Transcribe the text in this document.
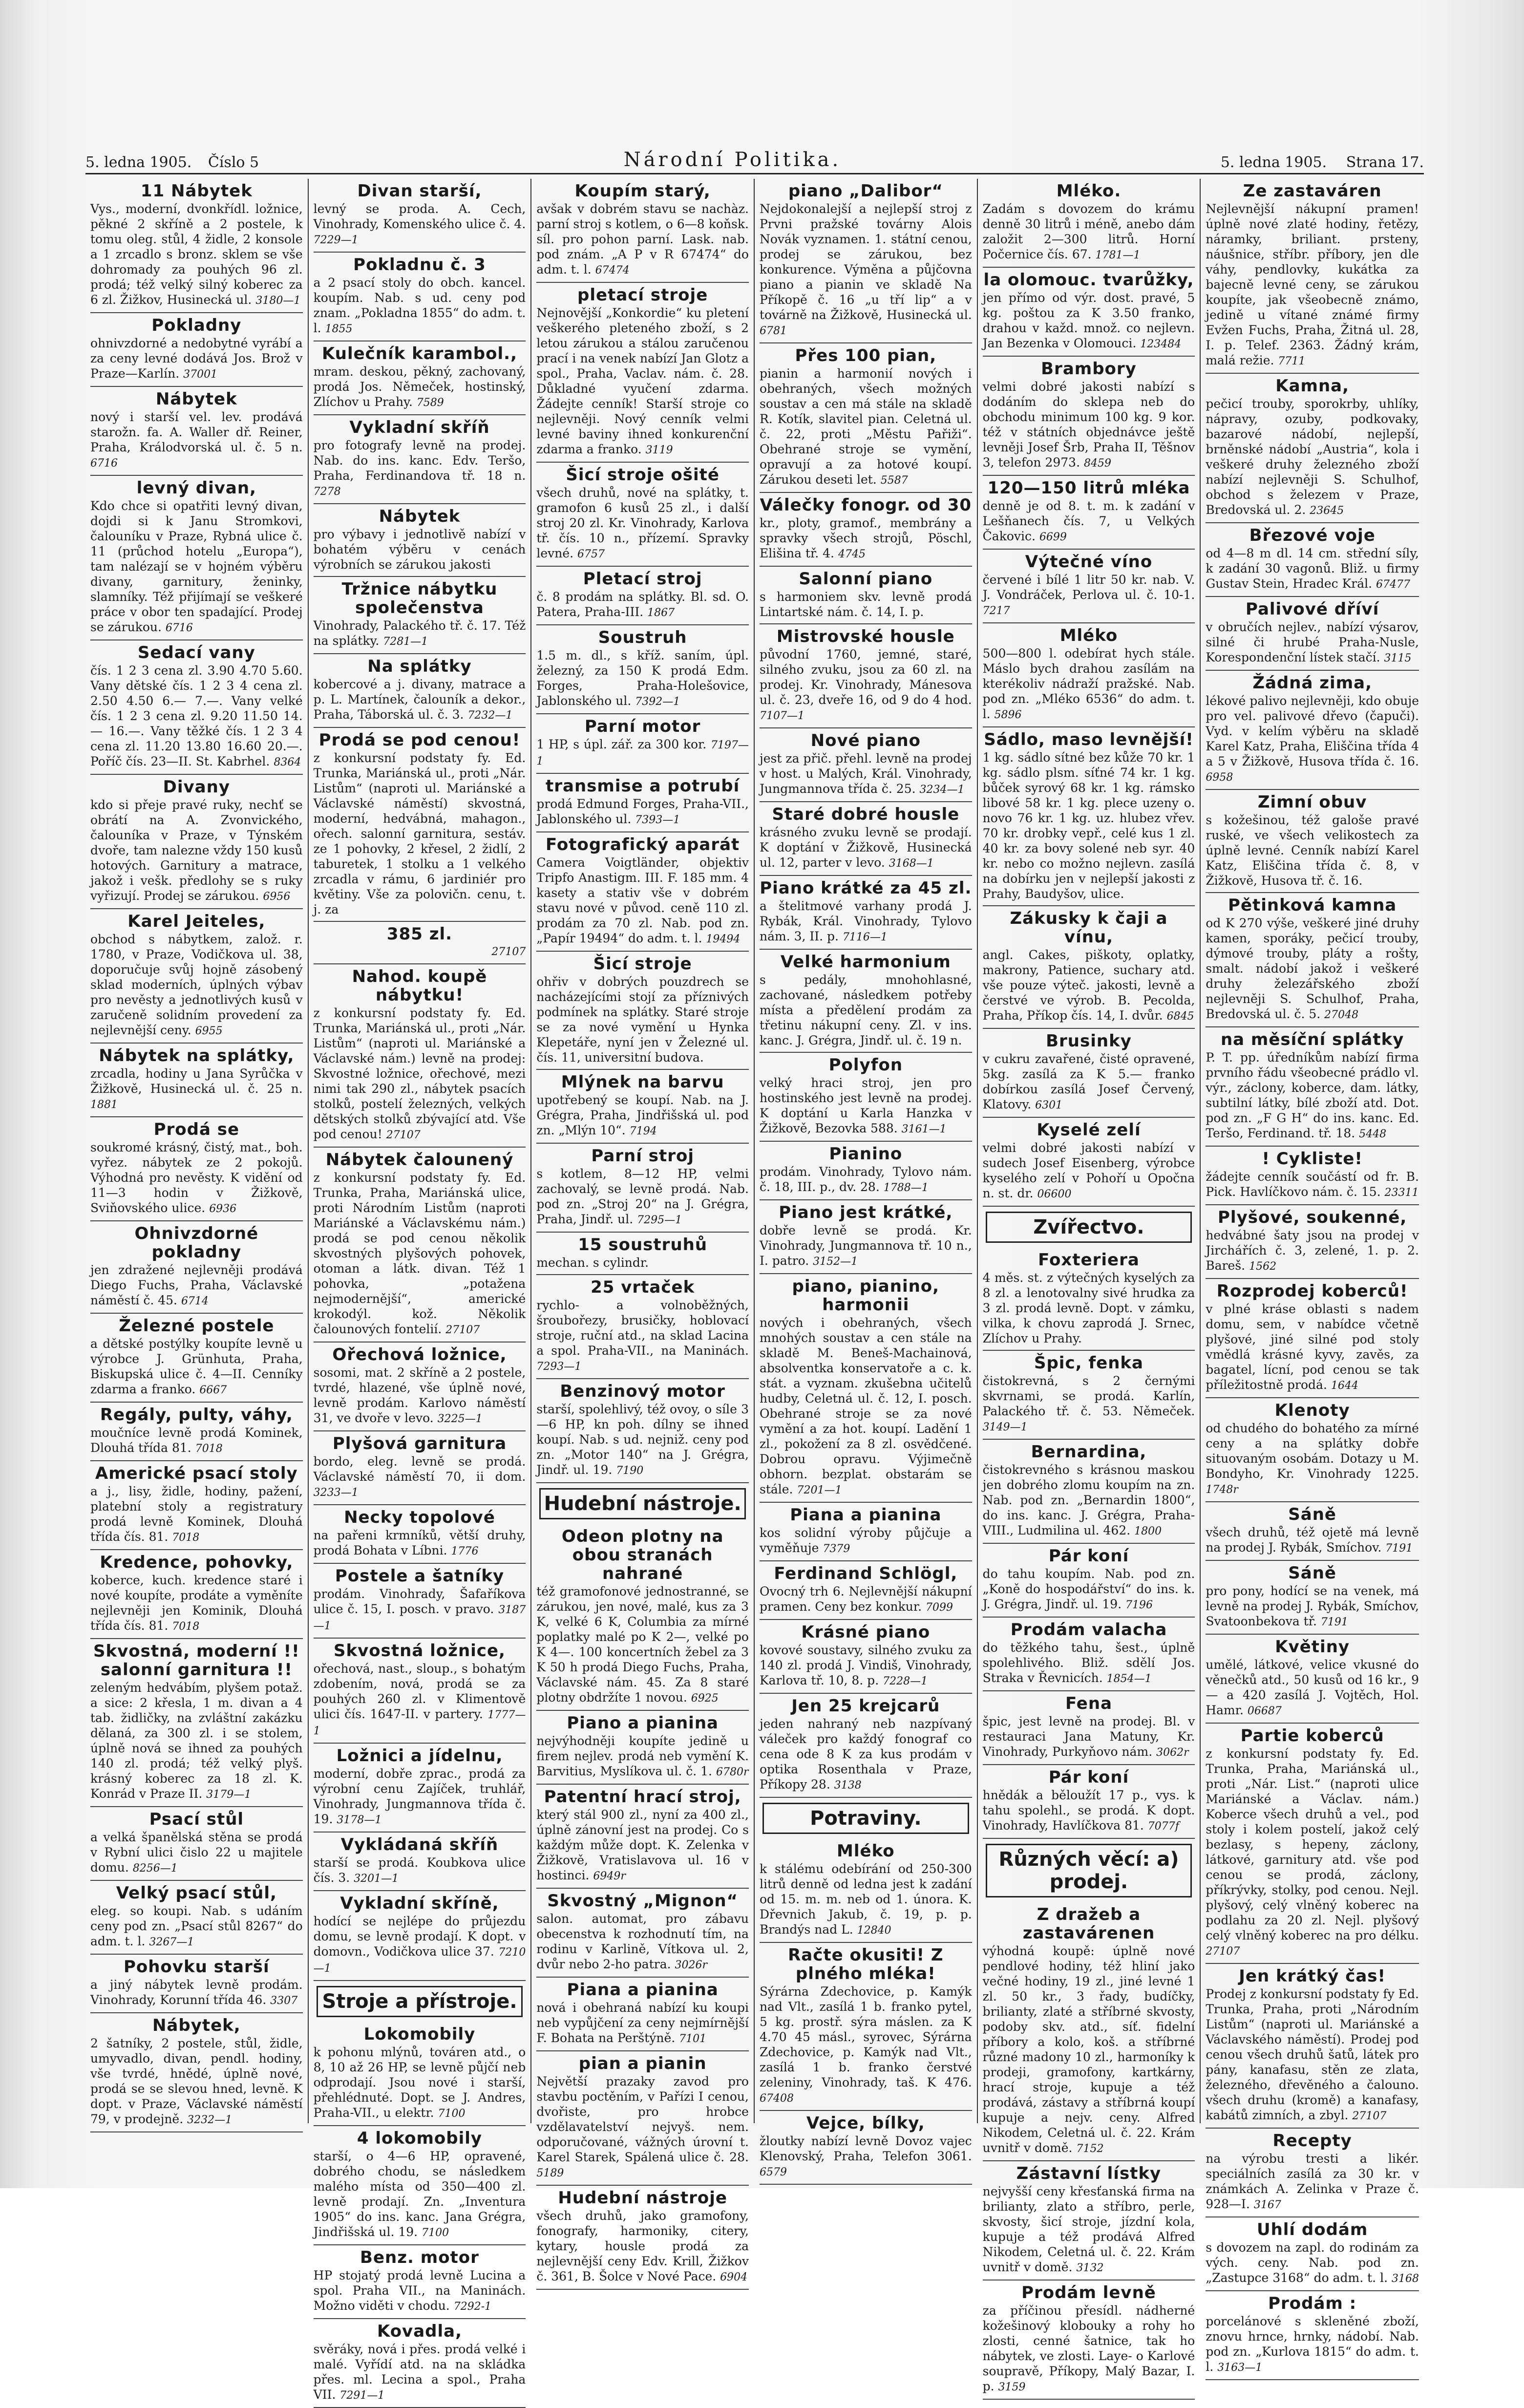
5. ledna 1905. Číslo 5	Národní Politika.	5. ledna 1905. Strana 17.
11 Nábytek

Vys., moderní, dvonkřídl. ložnice, pěkné 2 skříně a 2 postele, k tomu oleg. stůl, 4 židle, 2 konsole a 1 zrcadlo s bronz. sklem se vše dohromady za pouhých 96 zl. prodá; též velký silný koberec za 6 zl. Žižkov, Husinecká ul. 3180—1

Pokladny

ohnivzdorné a nedobytné vyrábí a za ceny levné dodává Jos. Brož v Praze—Karlín. 37001

Nábytek

nový i starší vel. lev. prodává starožn. fa. A. Waller dř. Reiner, Praha, Králodvorská ul. č. 5 n. 6716

levný divan,

Kdo chce si opatřiti levný divan, dojdi si k Janu Stromkovi, čalouníku v Praze, Rybná ulice č. 11 (průchod hotelu „Europa“), tam nalézají se v hojném výběru divany, garnitury, ženinky, slamníky. Též přijímají se veškeré práce v obor ten spadající. Prodej se zárukou. 6716

Sedací vany

čís. 1 2 3 cena zl. 3.90 4.70 5.60. Vany dětské čís. 1 2 3 4 cena zl. 2.50 4.50 6.— 7.—. Vany velké čís. 1 2 3 cena zl. 9.20 11.50 14.— 16.—. Vany těžké čís. 1 2 3 4 cena zl. 11.20 13.80 16.60 20.—. Poříč čís. 23—II. St. Kabrhel. 8364

Divany

kdo si přeje pravé ruky, nechť se obrátí na A. Zvonvického, čalouníka v Praze, v Týnském dvoře, tam nalezne vždy 150 kusů hotových. Garnitury a matrace, jakož i vešk. předlohy se s ruky vyřizují. Prodej se zárukou. 6956

Karel Jeiteles,

obchod s nábytkem, založ. r. 1780, v Praze, Vodičkova ul. 38, doporučuje svůj hojně zásobený sklad moderních, úplných výbav pro nevěsty a jednotlivých kusů v zaručeně solidním provedení za nejlevnější ceny. 6955

Nábytek na splátky,

zrcadla, hodiny u Jana Syrůčka v Žižkově, Husinecká ul. č. 25 n. 1881

Prodá se

soukromé krásný, čistý, mat., boh. vyřez. nábytek ze 2 pokojů. Výhodná pro nevěsty. K vidění od 11—3 hodin v Žižkově, Sviňovského ulice. 6936

Ohnivzdorné pokladny

jen zdražené nejlevněji prodává Diego Fuchs, Praha, Václavské náměstí č. 45. 6714

Železné postele

a dětské postýlky koupíte levně u výrobce J. Grünhuta, Praha, Biskupská ulice č. 4—II. Cenníky zdarma a franko. 6667

Regály, pulty, váhy,

moučníce levně prodá Kominek, Dlouhá třída 81. 7018

Americké psací stoly

a j., lisy, židle, hodiny, pažení, platební stoly a registratury prodá levně Kominek, Dlouhá třída čís. 81. 7018

Kredence, pohovky,

koberce, kuch. kredence staré i nové koupíte, prodáte a vyměníte nejlevněji jen Kominik, Dlouhá třída čís. 81. 7018

Skvostná, moderní !! salonní garnitura !!

zeleným hedvábím, plyšem potaž. a sice: 2 křesla, 1 m. divan a 4 tab. židličky, na zvláštní zakázku dělaná, za 300 zl. i se stolem, úplně nová se ihned za pouhých 140 zl. prodá; též velký plyš. krásný koberec za 18 zl. K. Konrád v Praze II. 3179—1

Psací stůl

a velká španělská stěna se prodá v Rybní ulici čislo 22 u majitele domu. 8256—1

Velký psací stůl,

eleg. so koupi. Nab. s udáním ceny pod zn. „Psací stůl 8267“ do adm. t. l. 3267—1

Pohovku starší

a jiný nábytek levně prodám. Vinohrady, Korunní třída 46. 3307

Nábytek,

2 šatníky, 2 postele, stůl, židle, umyvadlo, divan, pendl. hodiny, vše tvrdé, hnědé, úplně nové, prodá se se slevou hned, levně. K dopt. v Praze, Václavské náměstí 79, v prodejně. 3232—1

Divan starší,

levný se proda. A. Cech, Vinohrady, Komenského ulice č. 4. 7229—1

Pokladnu č. 3

a 2 psací stoly do obch. kancel. koupím. Nab. s ud. ceny pod znam. „Pokladna 1855“ do adm. t. l. 1855

Kulečník karambol.,

mram. deskou, pěkný, zachovaný, prodá Jos. Němeček, hostinský, Zlíchov u Prahy. 7589

Vykladní skříň

pro fotografy levně na prodej. Nab. do ins. kanc. Edv. Teršo, Praha, Ferdinandova tř. 18 n. 7278

Nábytek

pro výbavy i jednotlivě nabízí v bohatém výběru v cenách výrobních se zárukou jakosti

Tržnice nábytku společenstva

Vinohrady, Palackého tř. č. 17. Též na splátky. 7281—1

Na splátky

kobercové a j. divany, matrace a p. L. Martínek, čalouník a dekor., Praha, Táborská ul. č. 3. 7232—1

Prodá se pod cenou!

z konkursní podstaty fy. Ed. Trunka, Mariánská ul., proti „Nár. Listům“ (naproti ul. Mariánské a Václavské náměstí) skvostná, moderní, hedvábná, mahagon., ořech. salonní garnitura, sestáv. ze 1 pohovky, 2 křesel, 2 židlí, 2 taburetek, 1 stolku a 1 velkého zrcadla v rámu, 6 jardiniér pro květiny. Vše za polovičn. cenu, t. j. za

385 zl.
27107
Nahod. koupě nábytku!

z konkursní podstaty fy. Ed. Trunka, Mariánská ul., proti „Nár. Listům“ (naproti ul. Mariánské a Václavské nám.) levně na prodej: Skvostné ložnice, ořechové, mezi nimi tak 290 zl., nábytek psacích stolků, postelí železných, velkých dětských stolků zbývající atd. Vše pod cenou! 27107

Nábytek čalounený

z konkursní podstaty fy. Ed. Trunka, Praha, Mariánská ulice, proti Národním Listům (naproti Mariánské a Václavskému nám.) prodá se pod cenou několik skvostných plyšových pohovek, otoman a látk. divan. Též 1 pohovka, „potažena nejmodernější“, americké krokodýl. kož. Několik čalounových fontelií. 27107

Ořechová ložnice,

sosomi, mat. 2 skříně a 2 postele, tvrdé, hlazené, vše úplně nové, levně prodám. Karlovo náměstí 31, ve dvoře v levo. 3225—1

Plyšová garnitura

bordo, eleg. levně se prodá. Václavské náměstí 70, ii dom. 3233—1

Necky topolové

na pařeni krmníků, větší druhy, prodá Bohata v Líbni. 1776

Postele a šatníky

prodám. Vinohrady, Šafaříkova ulice č. 15, I. posch. v pravo. 3187—1

Skvostná ložnice,

ořechová, nast., sloup., s bohatým zdobením, nová, prodá se za pouhých 260 zl. v Klimentově ulici čís. 1647-II. v partery. 1777—1

Ložnici a jídelnu,

moderní, dobře zprac., prodá za výrobní cenu Zajíček, truhlář, Vinohrady, Jungmannova třída č. 19. 3178—1

Vykládaná skříň

starší se prodá. Koubkova ulice čís. 3. 3201—1

Vykladní skříně,

hodící se nejlépe do průjezdu domu, se levně prodají. K dopt. v domovn., Vodičkova ulice 37. 7210—1

Stroje a přístroje.
Lokomobily

k pohonu mlýnů, továren atd., o 8, 10 až 26 HP, se levně půjčí neb odprodají. Jsou nové i starší, přehlédnuté. Dopt. se J. Andres, Praha-VII., u elektr. 7100

4 lokomobily

starší, o 4—6 HP, opravené, dobrého chodu, se následkem malého místa od 350—400 zl. levně prodají. Zn. „Inventura 1905“ do ins. kanc. Jana Grégra, Jindřišská ul. 19. 7100

Benz. motor

HP stojatý prodá levně Lucina a spol. Praha VII., na Maninách. Možno viděti v chodu. 7292-1

Kovadla,

svěráky, nová i přes. prodá velké i malé. Vyřídí atd. na na skládka přes. ml. Lecina a spol., Praha VII. 7291—1

Koupím starý,

avšak v dobrém stavu se nachàz. parní stroj s kotlem, o 6—8 koňsk. síl. pro pohon parní. Lask. nab. pod znám. „A P v R 67474“ do adm. t. l. 67474

pletací stroje

Nejnovější „Konkordie“ ku pletení veškerého pleteného zboží, s 2 letou zárukou a stálou zaručenou prací i na venek nabízí Jan Glotz a spol., Praha, Vaclav. nám. č. 28. Důkladné vyučení zdarma. Žádejte cenník! Starší stroje co nejlevněji. Nový cenník velmi levné baviny ihned konkurenční zdarma a franko. 3119

Šicí stroje ošité

všech druhů, nové na splátky, t. gramofon 6 kusů 25 zl., i další stroj 20 zl. Kr. Vinohrady, Karlova tř. čís. 10 n., přízemí. Spravky levné. 6757

Pletací stroj

č. 8 prodám na splátky. Bl. sd. O. Patera, Praha-III. 1867

Soustruh

1.5 m. dl., s kříž. saním, úpl. železný, za 150 K prodá Edm. Forges, Praha-Holešovice, Jablonského ul. 7392—1

Parní motor

1 HP, s úpl. zář. za 300 kor. 7197—1

transmise a potrubí

prodá Edmund Forges, Praha-VII., Jablonského ul. 7393—1

Fotografický aparát

Camera Voigtländer, objektiv Tripfo Anastigm. III. F. 185 mm. 4 kasety a stativ vše v dobrém stavu nové v původ. ceně 110 zl. prodám za 70 zl. Nab. pod zn. „Papír 19494“ do adm. t. l. 19494

Šicí stroje

ohřiv v dobrých pouzdrech se nacházejícími stojí za příznivých podmínek na splátky. Staré stroje se za nové vymění u Hynka Klepetáře, nyní jen v Železné ul. čís. 11, universitní budova.

Mlýnek na barvu

upotřebený se koupí. Nab. na J. Grégra, Praha, Jindřišská ul. pod zn. „Mlýn 10“. 7194

Parní stroj

s kotlem, 8—12 HP, velmi zachovalý, se levně prodá. Nab. pod zn. „Stroj 20“ na J. Grégra, Praha, Jindř. ul. 7295—1

15 soustruhů

mechan. s cylindr.

25 vrtaček

rychlo- a volnoběžných, šroubořezy, brusičky, hoblovací stroje, ruční atd., na sklad Lacina a spol. Praha-VII., na Maninách. 7293—1

Benzinový motor

starší, spolehlivý, též ovoy, o síle 3—6 HP, kn poh. dílny se ihned koupí. Nab. s ud. nejniž. ceny pod zn. „Motor 140“ na J. Grégra, Jindř. ul. 19. 7190

Hudební nástroje.
Odeon plotny na obou stranách nahrané

též gramofonové jednostranné, se zárukou, jen nové, malé, kus za 3 K, velké 6 K, Columbia za mírné poplatky malé po K 2—, velké po K 4—. 100 koncertních žebel za 3 K 50 h prodá Diego Fuchs, Praha, Václavské nám. 45. Za 8 staré plotny obdržíte 1 novou. 6925

Piano a pianina

nejvýhodněji koupíte jedině u firem nejlev. prodá neb vymění K. Barvitius, Myslíkova ul. č. 1. 6780r

Patentní hrací stroj,

který stál 900 zl., nyní za 400 zl., úplně zánovní jest na prodej. Co s každým může dopt. K. Zelenka v Žižkově, Vratislavova ul. 16 v hostinci. 6949r

Skvostný „Mignon“

salon. automat, pro zábavu obecenstva k rozhodnutí tím, na rodinu v Karlině, Vítkova ul. 2, dvůr nebo 2-ho patra. 3026r

Piana a pianina

nová i obehraná nabízí ku koupi neb vypůjčení za ceny nejmírnější F. Bohata na Perštýně. 7101

pian a pianin

Největší prazaky zavod pro stavbu poctěním, v Pařízi I cenou, dvořiste, pro hrobce vzdělavatelství nejvyš. nem. odporučované, vážných úrovní t. Karel Starek, Spálená ulice č. 28. 5189

Hudební nástroje

všech druhů, jako gramofony, fonografy, harmoniky, citery, kytary, housle prodá za nejlevnější ceny Edv. Krill, Žižkov č. 361, B. Šolce v Nové Pace. 6904

piano „Dalibor“

Nejdokonalejší a nejlepší stroj z Prvni pražské továrny Alois Novák vyznamen. 1. státní cenou, prodej se zárukou, bez konkurence. Výměna a půjčovna piano a pianin ve skladě Na Příkopě č. 16 „u tří lip“ a v továrně na Žižkově, Husinecká ul. 6781

Přes 100 pian,

pianin a harmonií nových i obehraných, všech možných soustav a cen má stále na skladě R. Kotík, slavitel pian. Celetná ul. č. 22, proti „Městu Pařiži“. Obehrané stroje se vymění, opravují a za hotové koupí. Zárukou deseti let. 5587

Válečky fonogr. od 30

kr., ploty, gramof., membrány a spravky všech strojů, Pöschl, Elišina tř. 4. 4745

Salonní piano

s harmoniem skv. levně prodá Lintartské nám. č. 14, I. p.

Mistrovské housle

původní 1760, jemné, staré, silného zvuku, jsou za 60 zl. na prodej. Kr. Vinohrady, Mánesova ul. č. 23, dveře 16, od 9 do 4 hod. 7107—1

Nové piano

jest za přič. přehl. levně na prodej v host. u Malých, Král. Vinohrady, Jungmannova třída č. 25. 3234—1

Staré dobré housle

krásného zvuku levně se prodají. K doptání v Žižkově, Husinecká ul. 12, parter v levo. 3168—1

Piano krátké za 45 zl.

a štelitmové varhany prodá J. Rybák, Král. Vinohrady, Tylovo nám. 3, II. p. 7116—1

Velké harmonium

s pedály, mnohohlasné, zachované, následkem potřeby místa a předělení prodám za třetinu nákupní ceny. Zl. v ins. kanc. J. Grégra, Jindř. ul. č. 19 n.

Polyfon

velký hraci stroj, jen pro hostinského jest levně na prodej. K doptání u Karla Hanzka v Žižkově, Bezovka 588. 3161—1

Pianino

prodám. Vinohrady, Tylovo nám. č. 18, III. p., dv. 28. 1788—1

Piano jest krátké,

dobře levně se prodá. Kr. Vinohrady, Jungmannova tř. 10 n., I. patro. 3152—1

piano, pianino, harmonii

nových i obehraných, všech mnohých soustav a cen stále na skladě M. Beneš-Machainová, absolventka konservatoře a c. k. stát. a vyznam. zkušebna učitelů hudby, Celetná ul. č. 12, I. posch. Obehrané stroje se za nové vymění a za hot. koupí. Ladění 1 zl., pokožení za 8 zl. osvědčené. Dobrou opravu. Výjimečně obhorn. bezplat. obstarám se stále. 7201—1

Piana a pianina

kos solidní výroby půjčuje a vyměňuje 7379

Ferdinand Schlögl,

Ovocný trh 6. Nejlevnější nákupní pramen. Ceny bez konkur. 7099

Krásné piano

kovové soustavy, silného zvuku za 140 zl. prodá J. Vindiš, Vinohrady, Karlova tř. 10, 8. p. 7228—1

Jen 25 krejcarů

jeden nahraný neb nazpívaný váleček pro každý fonograf co cena ode 8 K za kus prodám v optika Rosenthala v Praze, Příkopy 28. 3138

Potraviny.
Mléko

k stálému odebírání od 250-300 litrů denně od ledna jest k zadání od 15. m. m. neb od 1. února. K. Dřevnich Jakub, č. 19, p. p. Brandýs nad L. 12840

Račte okusiti! Z plného mléka!

Sýrárna Zdechovice, p. Kamýk nad Vlt., zasílá 1 b. franko pytel, 5 kg. prostř. sýra máslen. za K 4.70 45 másl., syrovec, Sýrárna Zdechovice, p. Kamýk nad Vlt., zasílá 1 b. franko čerstvé zeleniny, Vinohrady, taš. K 476. 67408

Vejce, bílky,

žloutky nabízí levně Dovoz vajec Klenovský, Praha, Telefon 3061. 6579

Mléko.

Zadám s dovozem do krámu denně 30 litrů i méně, anebo dám založit 2—300 litrů. Horní Počernice čís. 67. 1781—1

la olomouc. tvarůžky,

jen přímo od výr. dost. pravé, 5 kg. poštou za K 3.50 franko, drahou v každ. množ. co nejlevn. Jan Bezenka v Olomouci. 123484

Brambory

velmi dobré jakosti nabízí s dodáním do sklepa neb do obchodu minimum 100 kg. 9 kor. též v státních objednávce ještě levněji Josef Šrb, Praha II, Těšnov 3, telefon 2973. 8459

120—150 litrů mléka

denně je od 8. t. m. k zadání v Lešňanech čís. 7, u Velkých Čakovic. 6699

Výtečné víno

červené i bílé 1 litr 50 kr. nab. V. J. Vondráček, Perlova ul. č. 10-1. 7217

Mléko

500—800 l. odebírat hych stále. Máslo bych drahou zasílám na kterékoliv nádraží pražské. Nab. pod zn. „Mléko 6536“ do adm. t. l. 5896

Sádlo, maso levnější!

1 kg. sádlo sítné bez kůže 70 kr. 1 kg. sádlo plsm. síťné 74 kr. 1 kg. bůček syrový 68 kr. 1 kg. rámsko libové 58 kr. 1 kg. plece uzeny o. novo 76 kr. 1 kg. uz. hlubez vřev. 70 kr. drobky vepř., celé kus 1 zl. 40 kr. za bovy solené neb syr. 40 kr. nebo co možno nejlevn. zasílá na dobírku jen v nejlepší jakosti z Prahy, Baudyšov, ulice.

Zákusky k čaji a vínu,

angl. Cakes, piškoty, oplatky, makrony, Patience, suchary atd. vše pouze výteč. jakosti, levně a čerstvé ve výrob. B. Pecolda, Praha, Příkop čís. 14, I. dvůr. 6845

Brusinky

v cukru zavařené, čisté opravené, 5kg. zasílá za K 5.— franko dobírkou zasílá Josef Červený, Klatovy. 6301

Kyselé zelí

velmi dobré jakosti nabízí v sudech Josef Eisenberg, výrobce kyselého zelí v Pohoří u Opočna n. st. dr. 06600

Zvířectvo.
Foxteriera

4 měs. st. z výtečných kyselých za 8 zl. a lenotovalny sivé hrudka za 3 zl. prodá levně. Dopt. v zámku, vilka, k chovu zaprodá J. Srnec, Zlíchov u Prahy.

Špic, fenka

čistokrevná, s 2 černými skvrnami, se prodá. Karlín, Palackého tř. č. 53. Němeček. 3149—1

Bernardina,

čistokrevného s krásnou maskou jen dobrého zlomu koupím na zn. Nab. pod zn. „Bernardin 1800“, do ins. kanc. J. Grégra, Praha-VIII., Ludmilina ul. 462. 1800

Pár koní

do tahu koupím. Nab. pod zn. „Koně do hospodářství“ do ins. k. J. Grégra, Jindř. ul. 19. 7196

Prodám valacha

do těžkého tahu, šest., úplně spolehlivého. Bliž. sdělí Jos. Straka v Řevnicích. 1854—1

Fena

špic, jest levně na prodej. Bl. v restauraci Jana Matuny, Kr. Vinohrady, Purkyňovo nám. 3062r

Pár koní

hnědák a běloužít 17 p., vys. k tahu spolehl., se prodá. K dopt. Vinohrady, Havlíčkova 81. 7077f

Různých věcí: a) prodej.
Z dražeb a zastavárenen

výhodná koupě: úplně nové pendlové hodiny, též hliní jako večné hodiny, 19 zl., jiné levné 1 zl. 50 kr., 3 řady, budíčky, brilianty, zlaté a stříbrné skvosty, podoby skv. atd., síť. fidelní příbory a kolo, koš. a stříbrné různé madony 10 zl., harmoníky k prodeji, gramofony, kartkárny, hrací stroje, kupuje a též prodává, zástavy a stříbrná koupí kupuje a nejv. ceny. Alfred Nikodem, Celetná ul. č. 22. Krám uvnitř v domě. 7152

Zástavní lístky

nejvyšší ceny křesťanská firma na brilianty, zlato a stříbro, perle, skvosty, šicí stroje, jízdní kola, kupuje a též prodává Alfred Nikodem, Celetná ul. č. 22. Krám uvnitř v domě. 3132

Prodám levně

za příčinou přesídl. nádherné kožešinový klobouky a rohy ho zlosti, cenné šatnice, tak ho nábytek, ve zlosti. Laye- o Karlové soupravě, Příkopy, Malý Bazar, I. p. 3159

Ze zastaváren

Nejlevnější nákupní pramen! úplně nové zlaté hodiny, řetězy, náramky, briliant. prsteny, náušnice, stříbr. příbory, jen dle váhy, pendlovky, kukátka za bajecně levné ceny, se zárukou koupíte, jak všeobecně známo, jedině u vítané známé firmy Evžen Fuchs, Praha, Žitná ul. 28, I. p. Telef. 2363. Žádný krám, malá režie. 7711

Kamna,

pečicí trouby, sporokrby, uhlíky, nápravy, ozuby, podkovaky, bazarové nádobí, nejlepší, brněnské nádobí „Austria“, kola i veškeré druhy železného zboží nabízí nejlevněji S. Schulhof, obchod s železem v Praze, Bredovská ul. 2. 23645

Březové voje

od 4—8 m dl. 14 cm. střední síly, k zadání 30 vagonů. Bliž. u firmy Gustav Stein, Hradec Král. 67477

Palivové dříví

v obručích nejlev., nabízí výsarov, silné či hrubé Praha-Nusle, Korespondenční lístek stačí. 3115

Žádná zima,

lékové palivo nejlevněji, kdo obuje pro vel. palivové dřevo (čapuči). Vyd. v kelím výběru na skladě Karel Katz, Praha, Eliščina třída 4 a 5 v Žižkově, Husova třída č. 16. 6958

Zimní obuv

s kožešinou, též galoše pravé ruské, ve všech velikostech za úplně levné. Cenník nabízí Karel Katz, Eliščina třída č. 8, v Žižkově, Husova tř. č. 16.

Pětinková kamna

od K 270 výše, veškeré jiné druhy kamen, sporáky, pečicí trouby, dýmové trouby, pláty a rošty, smalt. nádobí jakož i veškeré druhy železářského zboží nejlevněji S. Schulhof, Praha, Bredovská ul. č. 5. 27048

na měsíční splátky

P. T. pp. úředníkům nabízí firma prvního řádu všeobecné prádlo vl. výr., záclony, koberce, dam. látky, subtilní látky, bílé zboží atd. Dot. pod zn. „F G H“ do ins. kanc. Ed. Teršo, Ferdinand. tř. 18. 5448

! Cykliste!

žádejte cenník součástí od fr. B. Pick. Havlíčkovo nám. č. 15. 23311

Plyšové, soukenné,

hedvábné šaty jsou na prodej v Jirchářích č. 3, zelené, 1. p. 2. Bareš. 1562

Rozprodej koberců!

v plné kráse oblasti s nadem domu, sem, v nabídce včetně plyšové, jiné silné pod stoly vmědlá krásné kyvy, zavěs, za bagatel, lícní, pod cenou se tak příležitostně prodá. 1644

Klenoty

od chudého do bohatého za mírné ceny a na splátky dobře situovaným osobám. Dotazy u M. Bondyho, Kr. Vinohrady 1225. 1748r

Sáně

všech druhů, též ojetě má levně na prodej J. Rybák, Smíchov. 7191

Sáně

pro pony, hodící se na venek, má levně na prodej J. Rybák, Smíchov, Svatoonbekova tř. 7191

Květiny

umělé, látkové, velice vkusné do věnečků atd., 50 kusů od 16 kr., 9 — a 420 zasílá J. Vojtěch, Hol. Hamr. 06687

Partie koberců

z konkursní podstaty fy. Ed. Trunka, Praha, Mariánská ul., proti „Nár. List.“ (naproti ulice Mariánské a Václav. nám.) Koberce všech druhů a vel., pod stoly i kolem postelí, jakož celý bezlasy, s hepeny, záclony, látkové, garnitury atd. vše pod cenou se prodá, záclony, příkrývky, stolky, pod cenou. Nejl. plyšový, celý vlněný koberec na podlahu za 20 zl. Nejl. plyšový celý vlněný koberec na pro délku. 27107

Jen krátký čas!

Prodej z konkursní podstaty fy Ed. Trunka, Praha, proti „Národním Listům“ (naproti ul. Mariánské a Václavského náměstí). Prodej pod cenou všech druhů šatů, látek pro pány, kanafasu, stěn ze zlata, železného, dřevěného a čalouno. všech druhu (kromě) a kanafasy, kabátů zimních, a zbyl. 27107

Recepty

na výrobu tresti a likér. speciálních zasílá za 30 kr. v známkách A. Zelinka v Praze č. 928—I. 3167

Uhlí dodám

s dovozem na zapl. do rodinám za vých. ceny. Nab. pod zn. „Zastupce 3168“ do adm. t. l. 3168

Prodám :

porcelánové s skleněné zboží, znovu hrnce, hrnky, nádobí. Nab. pod zn. „Kurlova 1815“ do adm. t. l. 3163—1
